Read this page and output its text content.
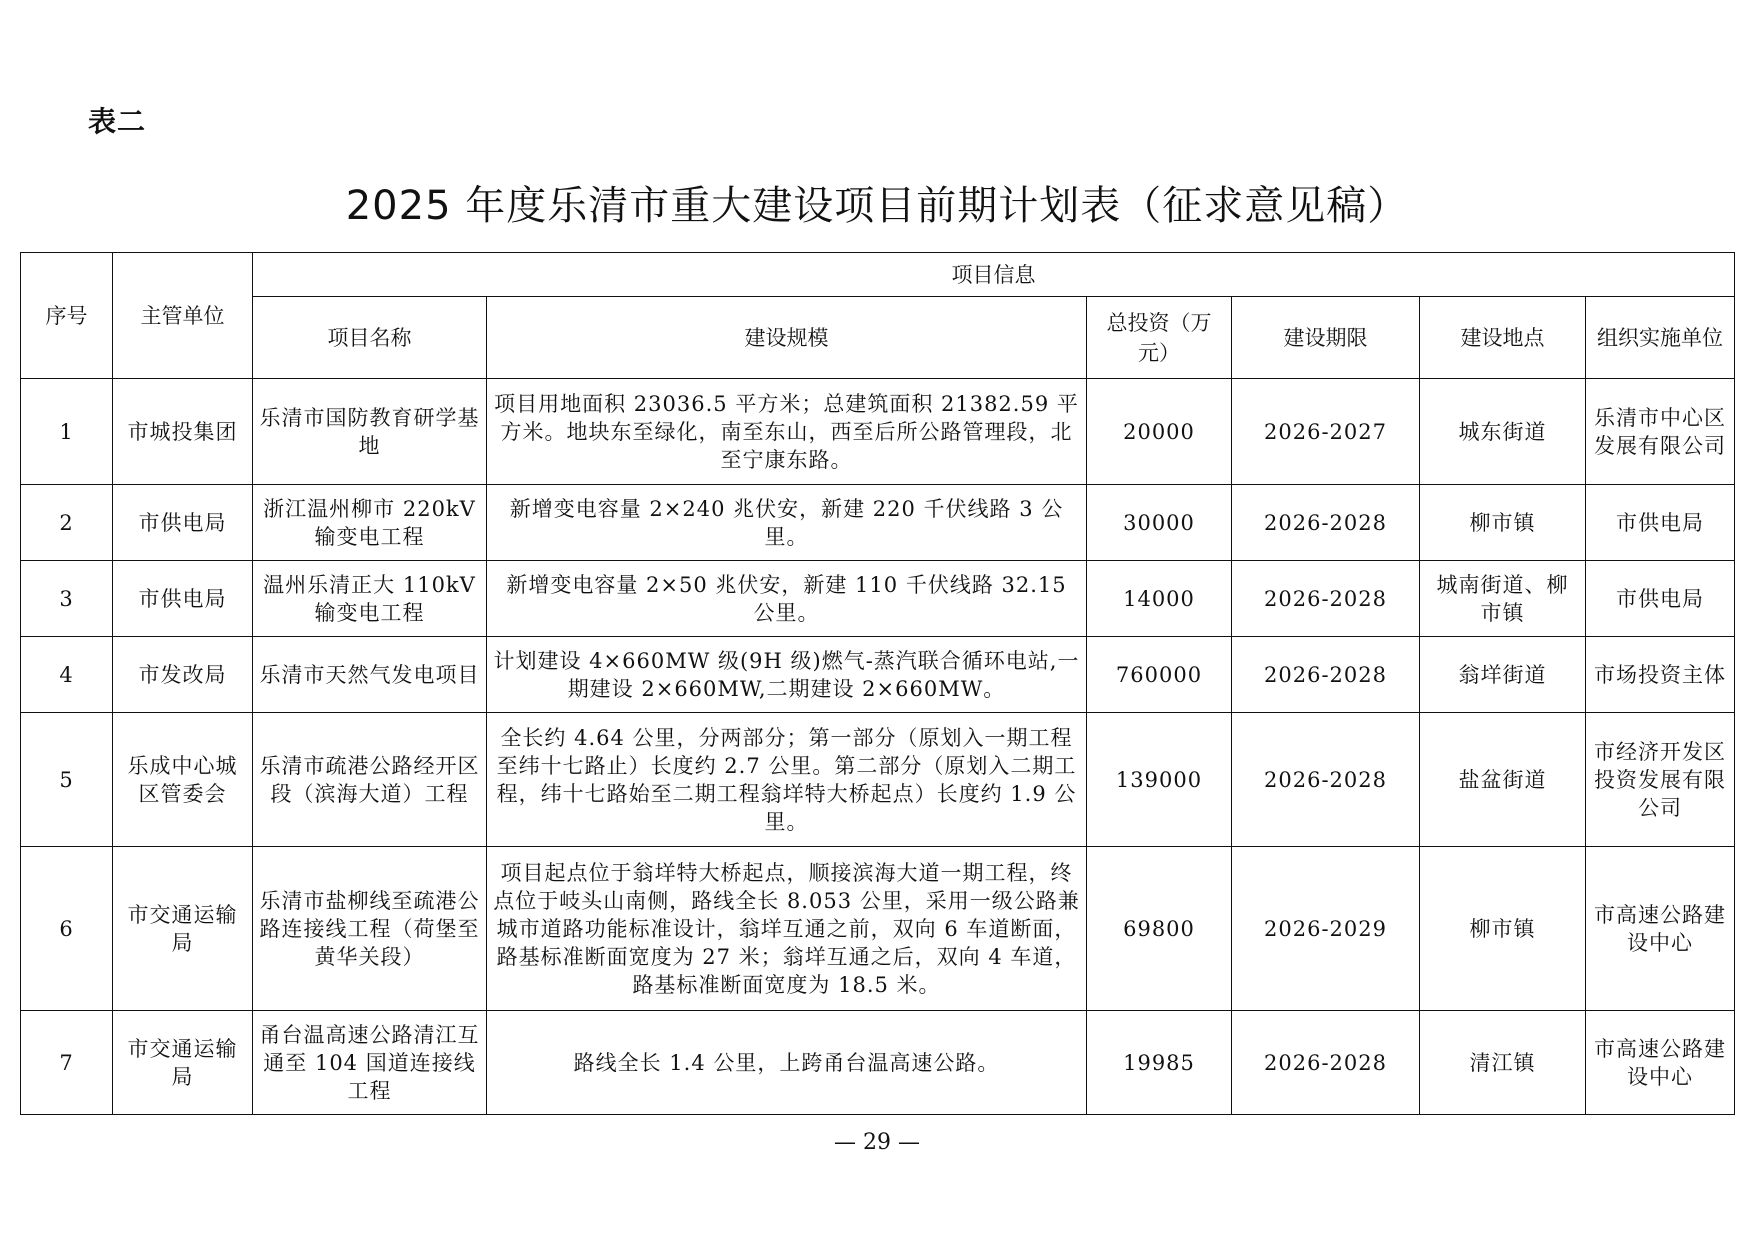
表二
2025 年度乐清市重大建设项目前期计划表（征求意见稿）
序号	主管单位	项目信息					
		项目名称	建设规模	总投资（万元）	建设期限	建设地点	组织实施单位
1	市城投集团	乐清市国防教育研学基地	项目用地面积 23036.5 平方米；总建筑面积 21382.59 平方米。地块东至绿化，南至东山，西至后所公路管理段，北至宁康东路。	20000	2026-2027	城东街道	乐清市中心区发展有限公司
2	市供电局	浙江温州柳市 220kV 输变电工程	新增变电容量 2×240 兆伏安，新建 220 千伏线路 3 公里。	30000	2026-2028	柳市镇	市供电局
3	市供电局	温州乐清正大 110kV 输变电工程	新增变电容量 2×50 兆伏安，新建 110 千伏线路 32.15 公里。	14000	2026-2028	城南街道、柳市镇	市供电局
4	市发改局	乐清市天然气发电项目	计划建设 4×660MW 级(9H 级)燃气-蒸汽联合循环电站,一期建设 2×660MW,二期建设 2×660MW。	760000	2026-2028	翁垟街道	市场投资主体
5	乐成中心城区管委会	乐清市疏港公路经开区段（滨海大道）工程	全长约 4.64 公里，分两部分；第一部分（原划入一期工程至纬十七路止）长度约 2.7 公里。第二部分（原划入二期工程，纬十七路始至二期工程翁垟特大桥起点）长度约 1.9 公里。	139000	2026-2028	盐盆街道	市经济开发区投资发展有限公司
6	市交通运输局	乐清市盐柳线至疏港公路连接线工程（荷堡至黄华关段）	项目起点位于翁垟特大桥起点，顺接滨海大道一期工程，终点位于岐头山南侧，路线全长 8.053 公里，采用一级公路兼城市道路功能标准设计，翁垟互通之前，双向 6 车道断面，路基标准断面宽度为 27 米；翁垟互通之后，双向 4 车道，路基标准断面宽度为 18.5 米。	69800	2026-2029	柳市镇	市高速公路建设中心
7	市交通运输局	甬台温高速公路清江互通至 104 国道连接线工程	路线全长 1.4 公里，上跨甬台温高速公路。	19985	2026-2028	清江镇	市高速公路建设中心
— 29 —
